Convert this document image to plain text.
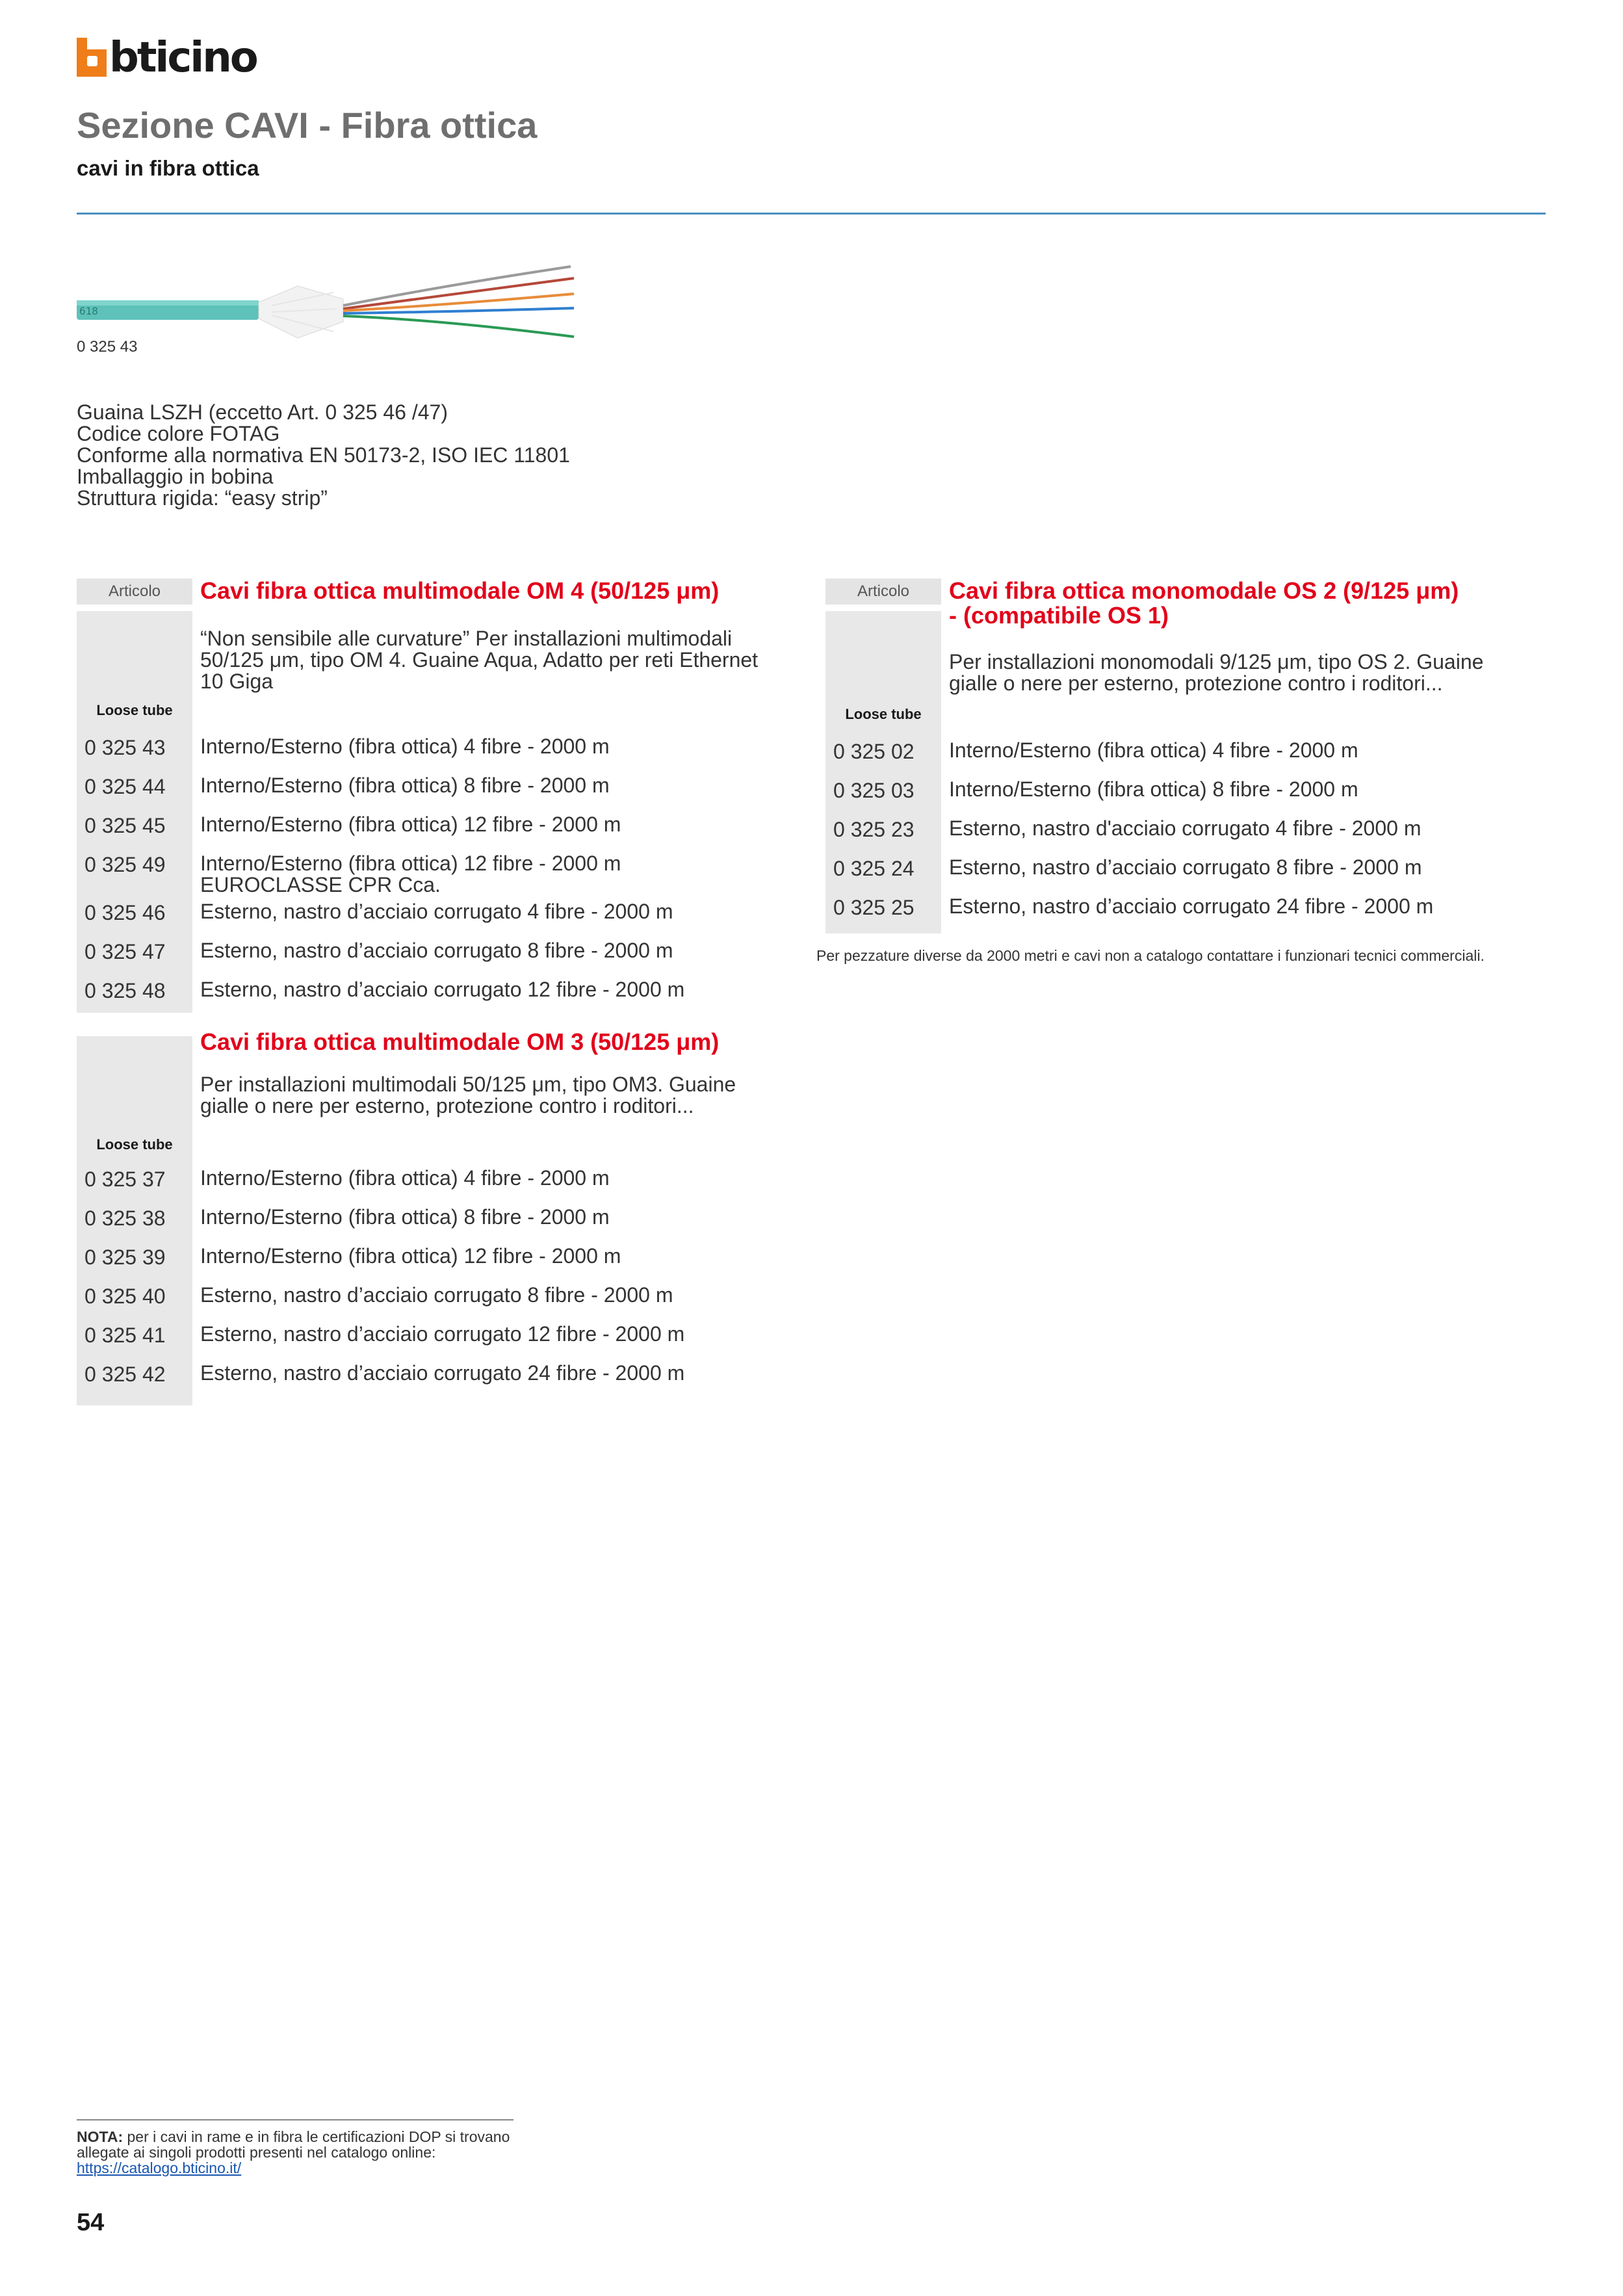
bticino
Sezione CAVI - Fibra ottica
cavi in fibra ottica
618
0 325 43
Guaina LSZH (eccetto Art. 0 325 46 /47)
Codice colore FOTAG
Conforme alla normativa EN 50173-2, ISO IEC 11801
Imballaggio in bobina
Struttura rigida: “easy strip”
Articolo	Cavi fibra ottica multimodale OM 4 (50/125 μm)
“Non sensibile alle curvature” Per installazioni multimodali 50/125 μm, tipo OM 4. Guaine Aqua, Adatto per reti Ethernet 10 Giga
Loose tube
0 325 43	Interno/Esterno (fibra ottica) 4 fibre - 2000 m
0 325 44	Interno/Esterno (fibra ottica) 8 fibre - 2000 m
0 325 45	Interno/Esterno (fibra ottica) 12 fibre - 2000 m
0 325 49	Interno/Esterno (fibra ottica) 12 fibre - 2000 m
EUROCLASSE CPR Cca.
0 325 46	Esterno, nastro d’acciaio corrugato 4 fibre - 2000 m
0 325 47	Esterno, nastro d’acciaio corrugato 8 fibre - 2000 m
0 325 48	Esterno, nastro d’acciaio corrugato 12 fibre - 2000 m
Cavi fibra ottica multimodale OM 3 (50/125 μm)
Per installazioni multimodali 50/125 μm, tipo OM3. Guaine gialle o nere per esterno, protezione contro i roditori...
Loose tube
0 325 37	Interno/Esterno (fibra ottica) 4 fibre - 2000 m
0 325 38	Interno/Esterno (fibra ottica) 8 fibre - 2000 m
0 325 39	Interno/Esterno (fibra ottica) 12 fibre - 2000 m
0 325 40	Esterno, nastro d’acciaio corrugato 8 fibre - 2000 m
0 325 41	Esterno, nastro d’acciaio corrugato 12 fibre - 2000 m
0 325 42	Esterno, nastro d’acciaio corrugato 24 fibre - 2000 m
Articolo	Cavi fibra ottica monomodale OS 2 (9/125 μm)
- (compatibile OS 1)
Per installazioni monomodali 9/125 μm, tipo OS 2. Guaine gialle o nere per esterno, protezione contro i roditori...
Loose tube
0 325 02	Interno/Esterno (fibra ottica) 4 fibre - 2000 m
0 325 03	Interno/Esterno (fibra ottica) 8 fibre - 2000 m
0 325 23	Esterno, nastro d'acciaio corrugato 4 fibre - 2000 m
0 325 24	Esterno, nastro d’acciaio corrugato 8 fibre - 2000 m
0 325 25	Esterno, nastro d’acciaio corrugato 24 fibre - 2000 m
Per pezzature diverse da 2000 metri e cavi non a catalogo contattare i funzionari tecnici commerciali.
NOTA: per i cavi in rame e in fibra le certificazioni DOP si trovano allegate ai singoli prodotti presenti nel catalogo online: https://catalogo.bticino.it/
54
